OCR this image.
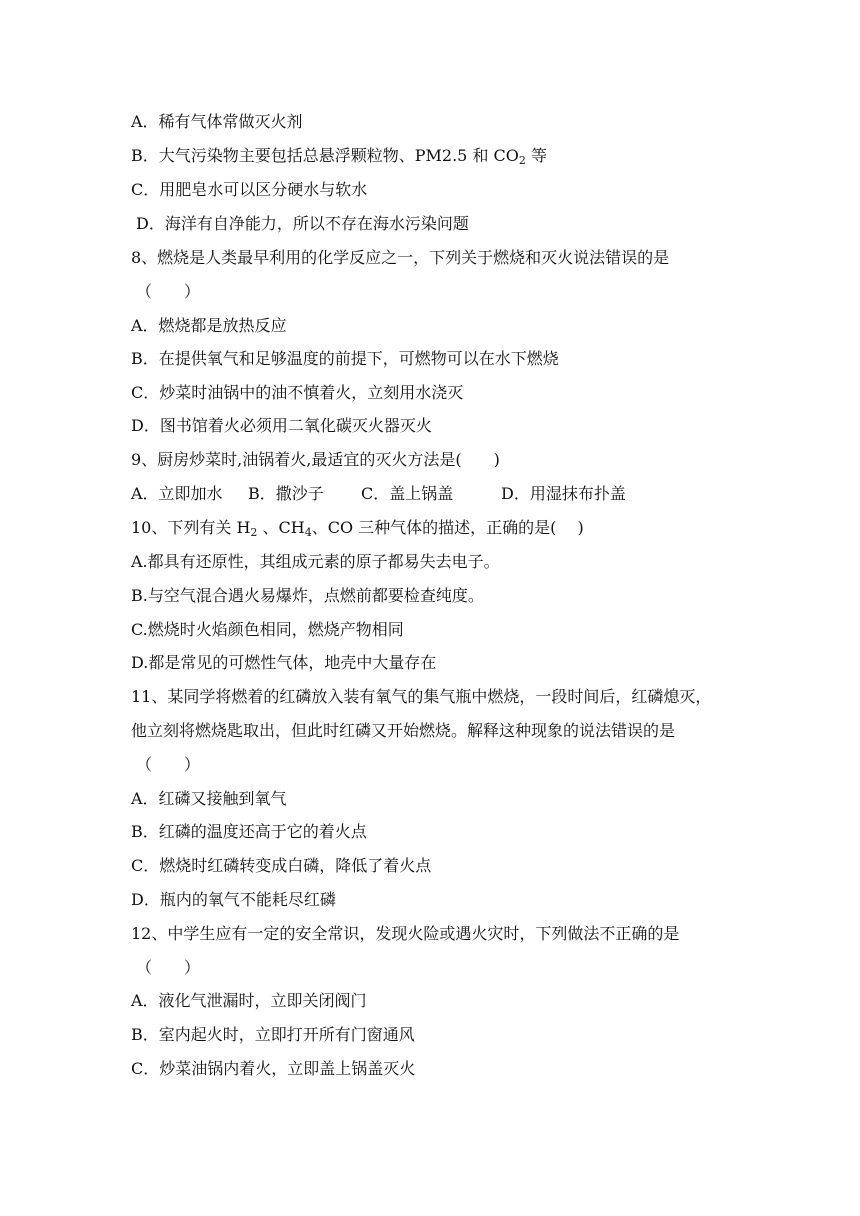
A．稀有气体常做灭火剂
B．大气污染物主要包括总悬浮颗粒物、PM2.5 和 $CO_2$ 等
C．用肥皂水可以区分硬水与软水
D．海洋有自净能力，所以不存在海水污染问题
8、燃烧是人类最早利用的化学反应之一，下列关于燃烧和灭火说法错误的是
（　　）
A．燃烧都是放热反应
B．在提供氧气和足够温度的前提下，可燃物可以在水下燃烧
C．炒菜时油锅中的油不慎着火，立刻用水浇灭
D．图书馆着火必须用二氧化碳灭火器灭火
9、厨房炒菜时,油锅着火,最适宜的灭火方法是(　　)
A．立即加水 B．撒沙子 C．盖上锅盖	D．用湿抹布扑盖
10、下列有关 $H_2$ 、$CH_4$、CO 三种气体的描述，正确的是(　 )
A.都具有还原性，其组成元素的原子都易失去电子。
B.与空气混合遇火易爆炸，点燃前都要检查纯度。
C.燃烧时火焰颜色相同，燃烧产物相同
D.都是常见的可燃性气体，地壳中大量存在
11、某同学将燃着的红磷放入装有氧气的集气瓶中燃烧，一段时间后，红磷熄灭，
他立刻将燃烧匙取出，但此时红磷又开始燃烧。解释这种现象的说法错误的是
（　　）
A．红磷又接触到氧气
B．红磷的温度还高于它的着火点
C．燃烧时红磷转变成白磷，降低了着火点
D．瓶内的氧气不能耗尽红磷
12、中学生应有一定的安全常识，发现火险或遇火灾时，下列做法不正确的是
（　　）
A．液化气泄漏时，立即关闭阀门
B．室内起火时，立即打开所有门窗通风
C．炒菜油锅内着火，立即盖上锅盖灭火
